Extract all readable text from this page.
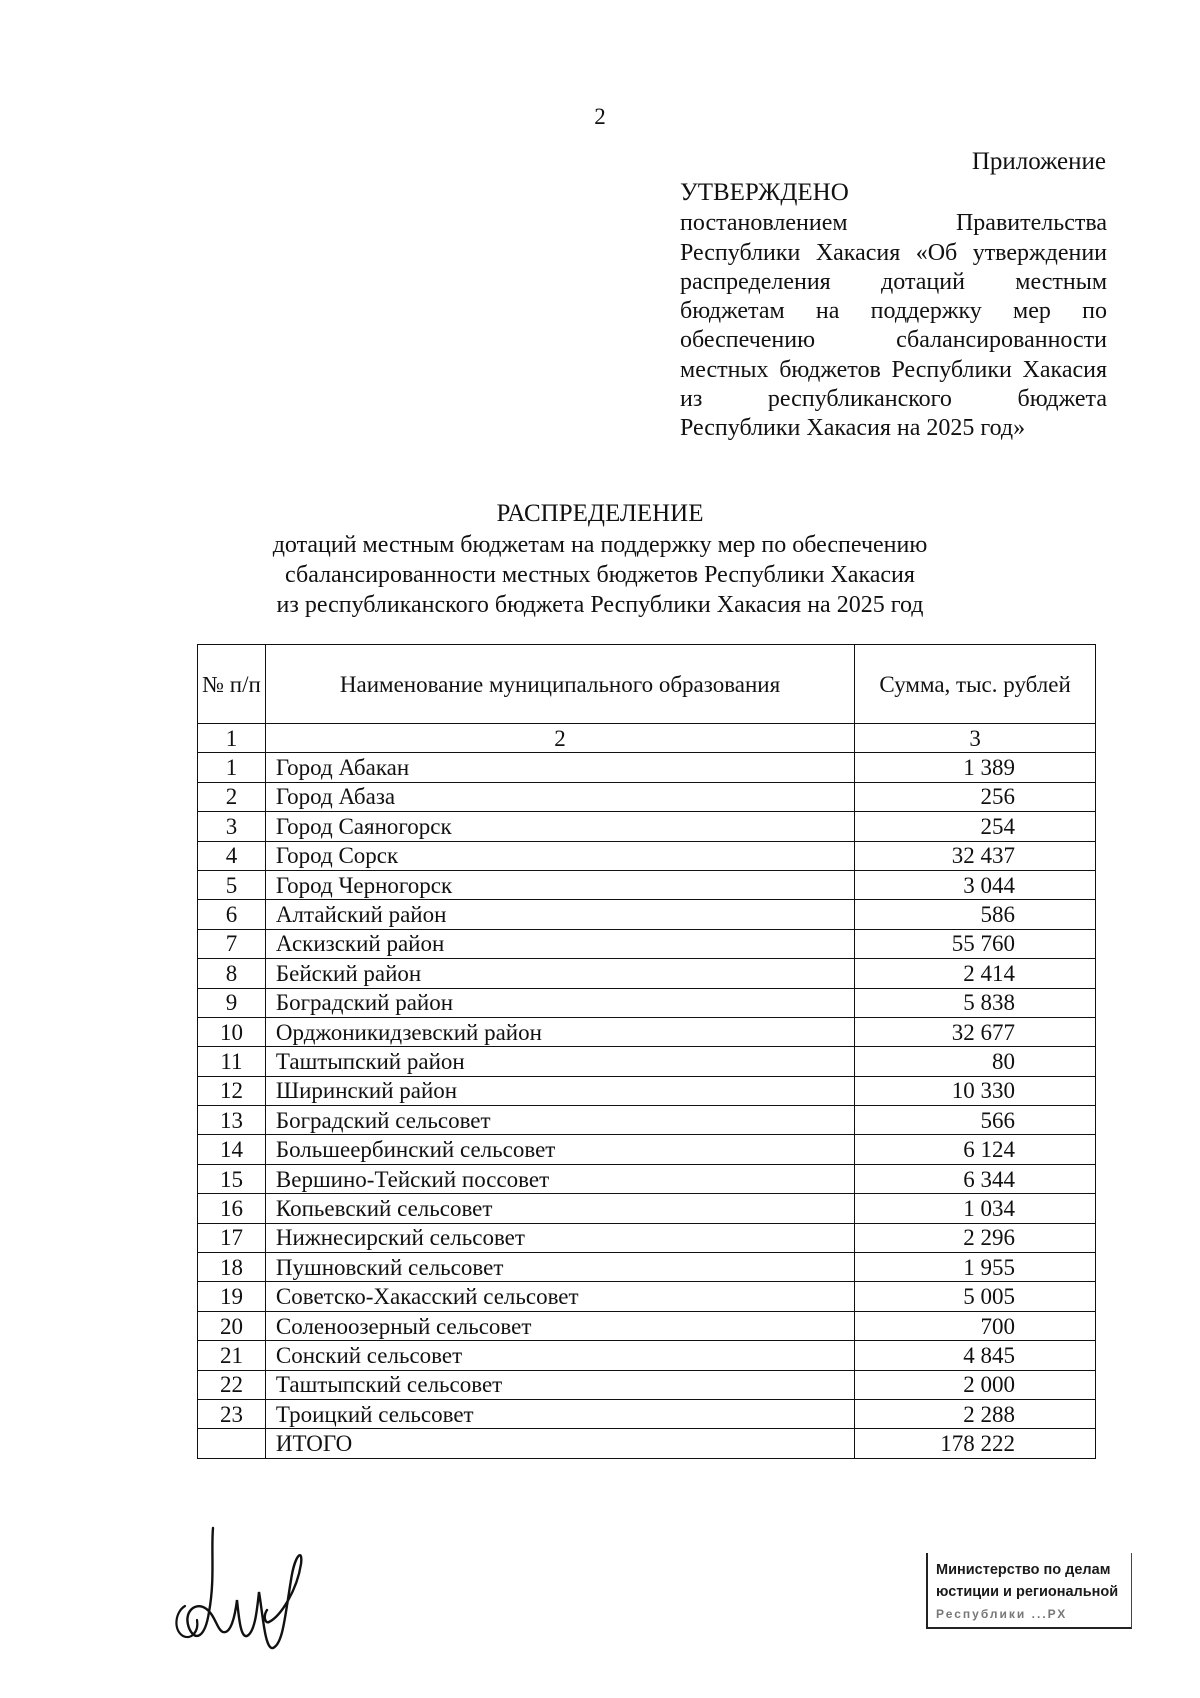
2
Приложение
УТВЕРЖДЕНО
постановлением Правительства Республики Хакасия «Об утверждении распределения дотаций местным бюджетам на поддержку мер по обеспечению сбалансированности местных бюджетов Республики Хакасия из республиканского бюджета Республики Хакасия на 2025 год»
РАСПРЕДЕЛЕНИЕ
дотаций местным бюджетам на поддержку мер по обеспечению
сбалансированности местных бюджетов Республики Хакасия
из республиканского бюджета Республики Хакасия на 2025 год
№ п/п	Наименование муниципального образования	Сумма, тыс. рублей
1	2	3
1	Город Абакан	1 389
2	Город Абаза	256
3	Город Саяногорск	254
4	Город Сорск	32 437
5	Город Черногорск	3 044
6	Алтайский район	586
7	Аскизский район	55 760
8	Бейский район	2 414
9	Боградский район	5 838
10	Орджоникидзевский район	32 677
11	Таштыпский район	80
12	Ширинский район	10 330
13	Боградский сельсовет	566
14	Большеербинский сельсовет	6 124
15	Вершино-Тейский поссовет	6 344
16	Копьевский сельсовет	1 034
17	Нижнесирский сельсовет	2 296
18	Пушновский сельсовет	1 955
19	Советско-Хакасский сельсовет	5 005
20	Соленоозерный сельсовет	700
21	Сонский сельсовет	4 845
22	Таштыпский сельсовет	2 000
23	Троицкий сельсовет	2 288
	ИТОГО	178 222
Министерство по делам
юстиции и региональной
Республики ...РХ
